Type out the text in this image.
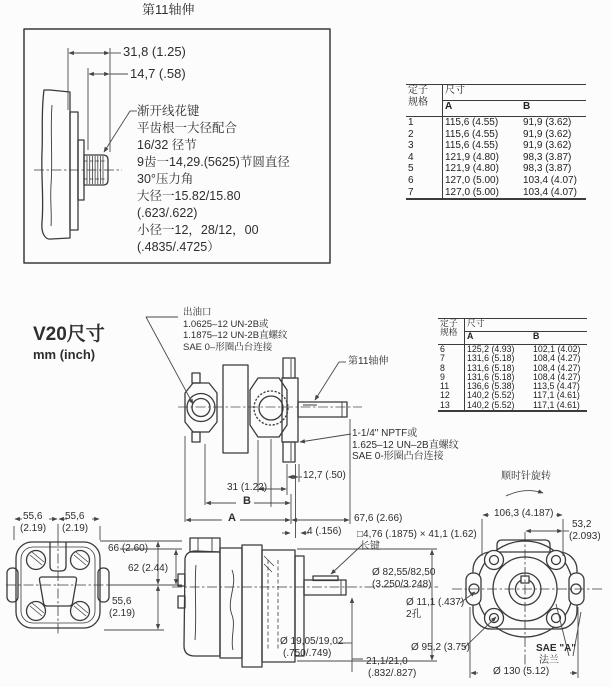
第11轴伸
31,8 (1.25)
14,7 (.58)
渐开线花键
平齿根一大径配合
16/32 径节
9齿一14,29.(5625)节圆直径
30°压力角
大径一15.82/15.80
(.623/.622)
小径一12，28/12，00
(.4835/.4725）
定子
规格	尺寸	
	A	B
1	115,6 (4.55)	91,9 (3.62)
2	115,6 (4.55)	91,9 (3.62)
3	115,6 (4.55)	91,9 (3.62)
4	121,9 (4.80)	98,3 (3.87)
5	121,9 (4.80)	98,3 (3.87)
6	127,0 (5.00)	103,4 (4.07)
7	127,0 (5.00)	103,4 (4.07)
V20尺寸
mm (inch)
出油口
1.0625–12 UN-2B或
1.1875–12 UN-2B直螺纹
SAE 0–形圈凸台连接
第11轴伸
1-1/4" NPTF或
1.625–12 UN–2B直螺纹
SAE 0-形圈凸台连接
定子
规格	尺寸	
	A	B
6	125,2 (4.93)	102,1 (4.02)
7	131,6 (5.18)	108,4 (4.27)
8	131,6 (5.18)	108,4 (4.27)
9	131,6 (5.18)	108,4 (4.27)
11	136,6 (5.38)	113,5 (4.47)
12	140,2 (5.52)	117,1 (4.61)
13	140,2 (5.52)	117,1 (4.61)
55,6
(2.19)
55,6
(2.19)
66 (2.60)
62 (2.44)
55,6
(2.19)
12,7 (.50)
31 (1.22)
B
A	67,6 (2.66)
4 (.156) □4,76 (.1875) × 41,1 (1.62)
长键
Ø 82,55/82,50
(3.250/3.248)
Ø 19,05/19,02
(.750/.749)
21,1/21,0
(.832/.827)
Ø 11,1 (.437)
2孔
Ø 95,2 (3.75)	SAE "A"
法兰
Ø 130 (5.12)
106,3 (4.187)
53,2
(2.093)
顺时针旋转
